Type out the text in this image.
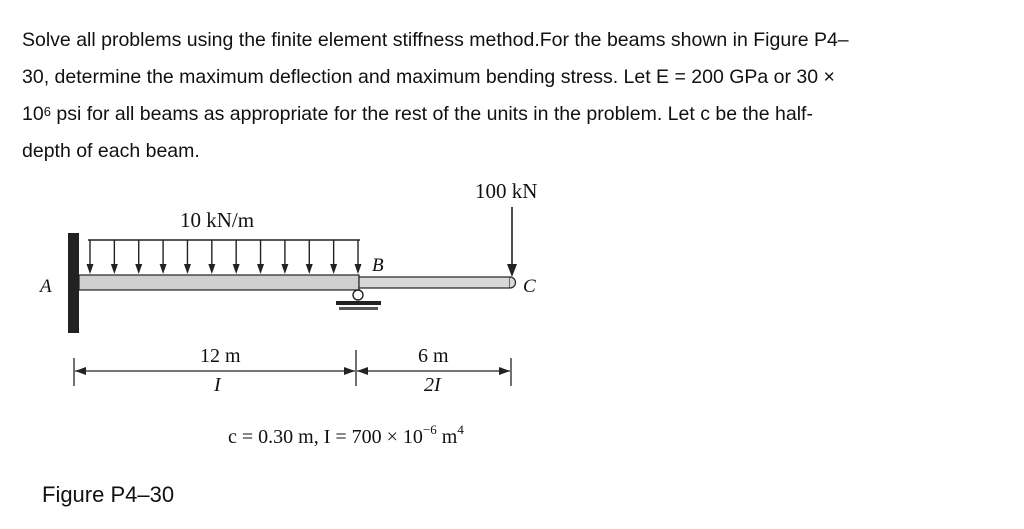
Solve all problems using the finite element stiffness method.For the beams shown in Figure P4–
30, determine the maximum deflection and maximum bending stress. Let E = 200 GPa or 30 ×
$10^6$ psi for all beams as appropriate for the rest of the units in the problem. Let c be the half-
depth of each beam.
10 kN/m
100 kN
A
B
C
12 m
I
6 m
2I
c = 0.30 m, $I = 700 \times 10^{-6}$ $m^4$
Figure P4–30
